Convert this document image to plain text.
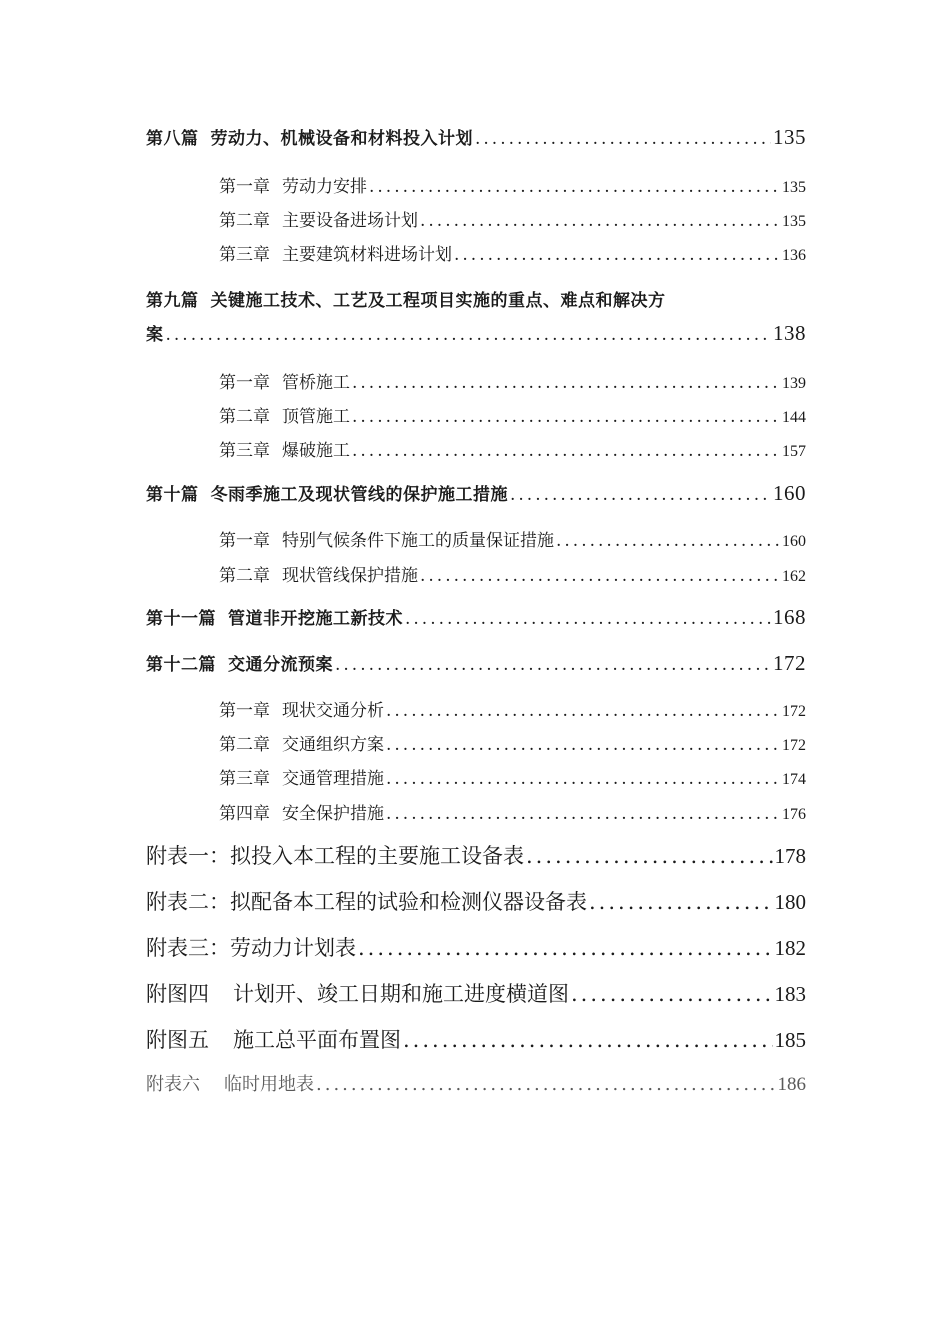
第八篇 劳动力、机械设备和材料投入计划 .....	135
第一章 劳动力安排 .....	135
第二章 主要设备进场计划 .....	135
第三章 主要建筑材料进场计划 .....	136
第九篇 关键施工技术、工艺及工程项目实施的重点、难点和解决方
案 .....	138
第一章 管桥施工 .....	139
第二章 顶管施工 .....	144
第三章 爆破施工 .....	157
第十篇 冬雨季施工及现状管线的保护施工措施 .....	160
第一章 特别气候条件下施工的质量保证措施 .....	160
第二章 现状管线保护措施 .....	162
第十一篇 管道非开挖施工新技术 .....	168
第十二篇 交通分流预案 .....	172
第一章 现状交通分析 .....	172
第二章 交通组织方案 .....	172
第三章 交通管理措施 .....	174
第四章 安全保护措施 .....	176
附表一：拟投入本工程的主要施工设备表 .....	178
附表二：拟配备本工程的试验和检测仪器设备表 .....	180
附表三：劳动力计划表 .....	182
附图四 计划开、竣工日期和施工进度横道图 .....	183
附图五 施工总平面布置图 .....	185
附表六 临时用地表 .....	186
